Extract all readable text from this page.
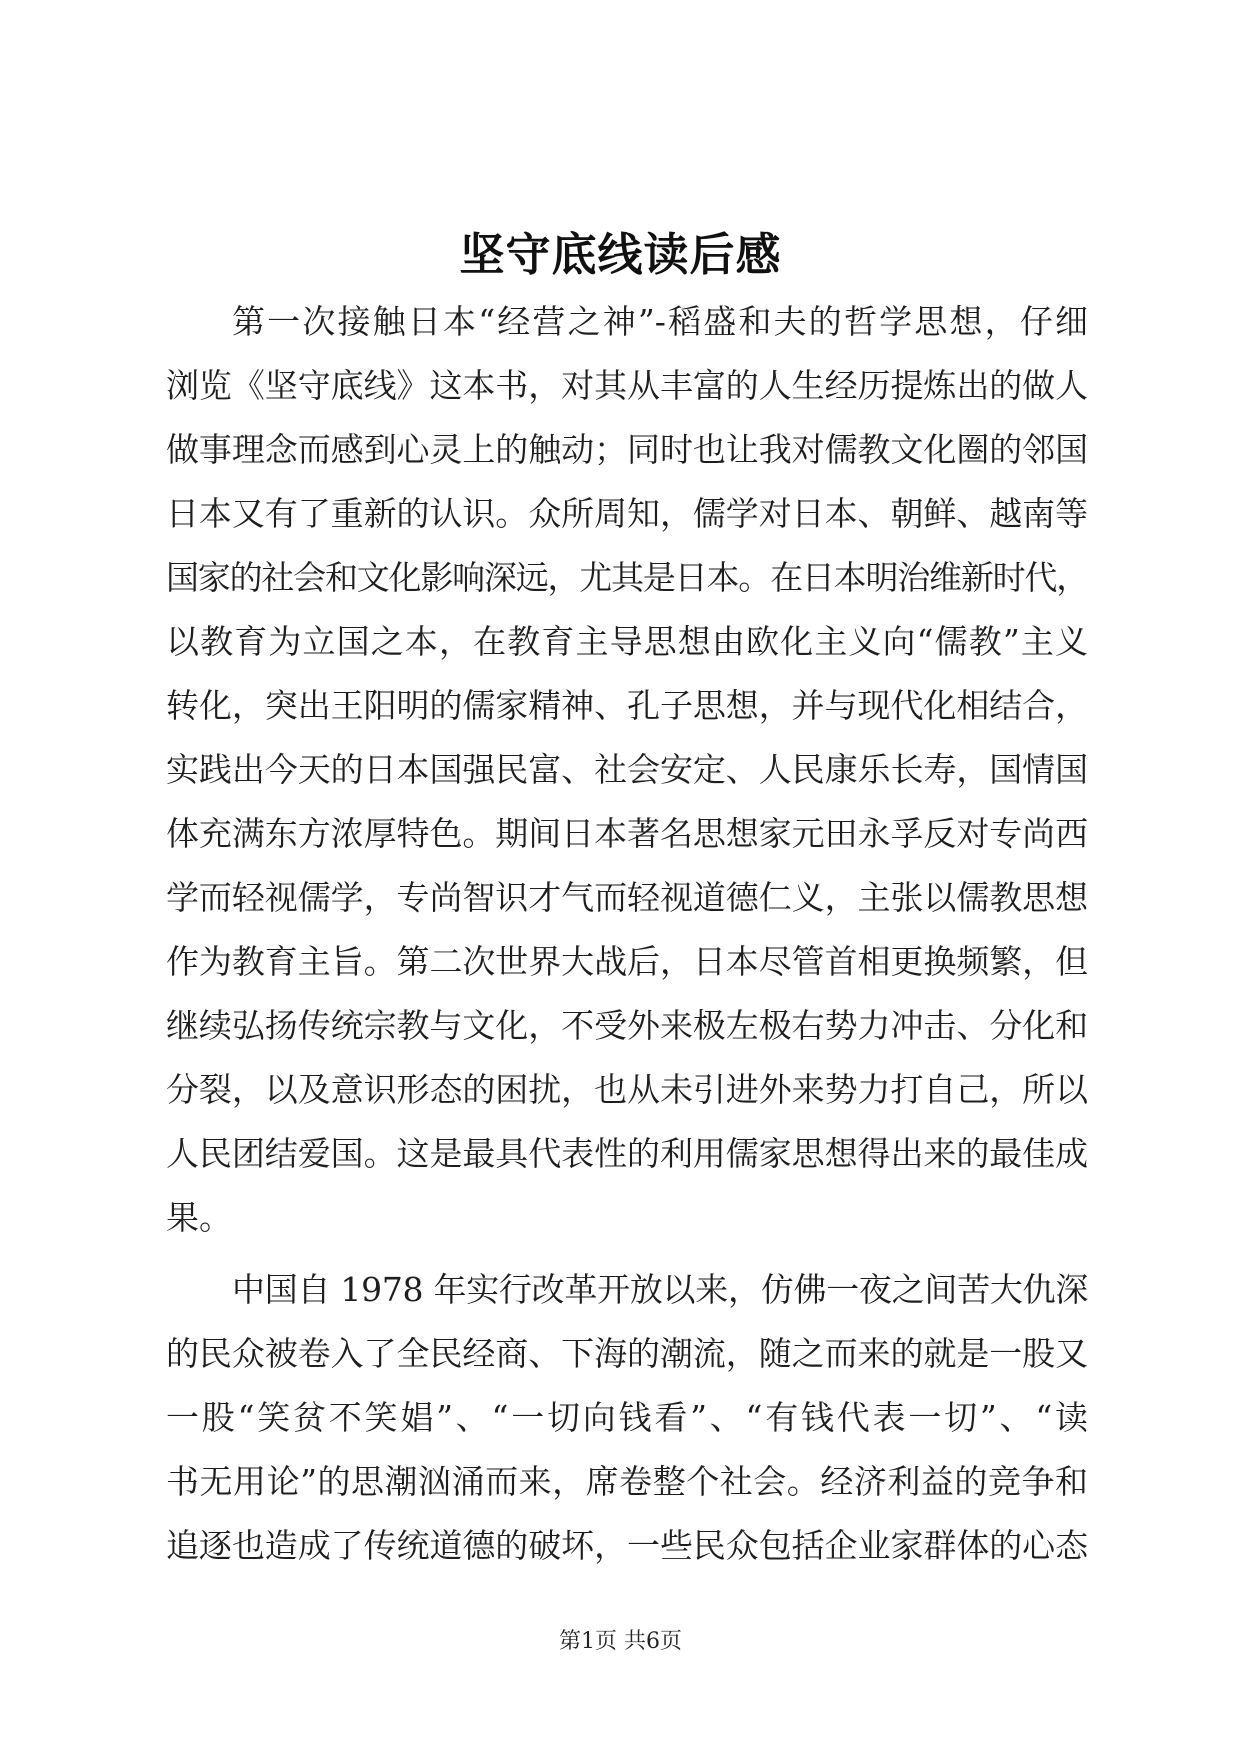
坚守底线读后感
第一次接触日本“经营之神”-稻盛和夫的哲学思想，仔细
浏览《坚守底线》这本书，对其从丰富的人生经历提炼出的做人
做事理念而感到心灵上的触动；同时也让我对儒教文化圈的邻国
日本又有了重新的认识。众所周知，儒学对日本、朝鲜、越南等
国家的社会和文化影响深远，尤其是日本。在日本明治维新时代，
以教育为立国之本，在教育主导思想由欧化主义向“儒教”主义
转化，突出王阳明的儒家精神、孔子思想，并与现代化相结合，
实践出今天的日本国强民富、社会安定、人民康乐长寿，国情国
体充满东方浓厚特色。期间日本著名思想家元田永孚反对专尚西
学而轻视儒学，专尚智识才气而轻视道德仁义，主张以儒教思想
作为教育主旨。第二次世界大战后，日本尽管首相更换频繁，但
继续弘扬传统宗教与文化，不受外来极左极右势力冲击、分化和
分裂，以及意识形态的困扰，也从未引进外来势力打自己，所以
人民团结爱国。这是最具代表性的利用儒家思想得出来的最佳成
果。
中国自 1978 年实行改革开放以来，仿佛一夜之间苦大仇深
的民众被卷入了全民经商、下海的潮流，随之而来的就是一股又
一股“笑贫不笑娼”、“一切向钱看”、“有钱代表一切”、“读
书无用论”的思潮汹涌而来，席卷整个社会。经济利益的竞争和
追逐也造成了传统道德的破坏，一些民众包括企业家群体的心态
第1页 共6页
